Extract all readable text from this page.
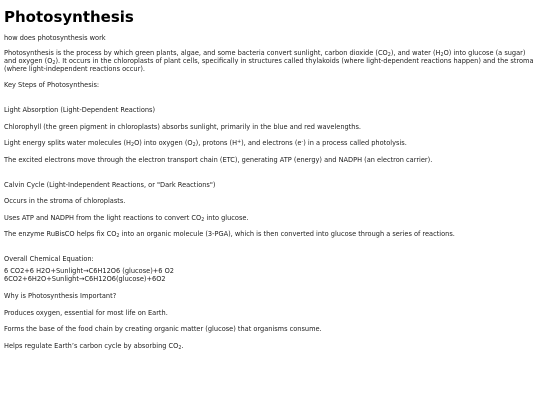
Photosynthesis

how does photosynthesis work

Photosynthesis is the process by which green plants, algae, and some bacteria convert sunlight, carbon dioxide $(CO_2)$, and water $(H_2O)$ into glucose (a sugar) and oxygen $(O_2)$. It occurs in the chloroplasts of plant cells, specifically in structures called thylakoids (where light-dependent reactions happen) and the stroma (where light-independent reactions occur).

Key Steps of Photosynthesis:

Light Absorption (Light-Dependent Reactions)

Chlorophyll (the green pigment in chloroplasts) absorbs sunlight, primarily in the blue and red wavelengths.

Light energy splits water molecules $(H_2O)$ into oxygen $(O_2)$, protons (H+), and electrons (e-) in a process called photolysis.

The excited electrons move through the electron transport chain (ETC), generating ATP (energy) and NADPH (an electron carrier).

Calvin Cycle (Light-Independent Reactions, or "Dark Reactions")

Occurs in the stroma of chloroplasts.

Uses ATP and NADPH from the light reactions to convert $CO_2$ into glucose.

The enzyme RuBisCO helps fix $CO_2$ into an organic molecule (3-PGA), which is then converted into glucose through a series of reactions.

Overall Chemical Equation:

6 CO2+6 H2O+Sunlight→C6H12O6 (glucose)+6 O2

6CO2+6H2O+Sunlight→C6H12O6(glucose)+6O2

Why is Photosynthesis Important?

Produces oxygen, essential for most life on Earth.

Forms the base of the food chain by creating organic matter (glucose) that organisms consume.

Helps regulate Earth’s carbon cycle by absorbing $CO_2$.
